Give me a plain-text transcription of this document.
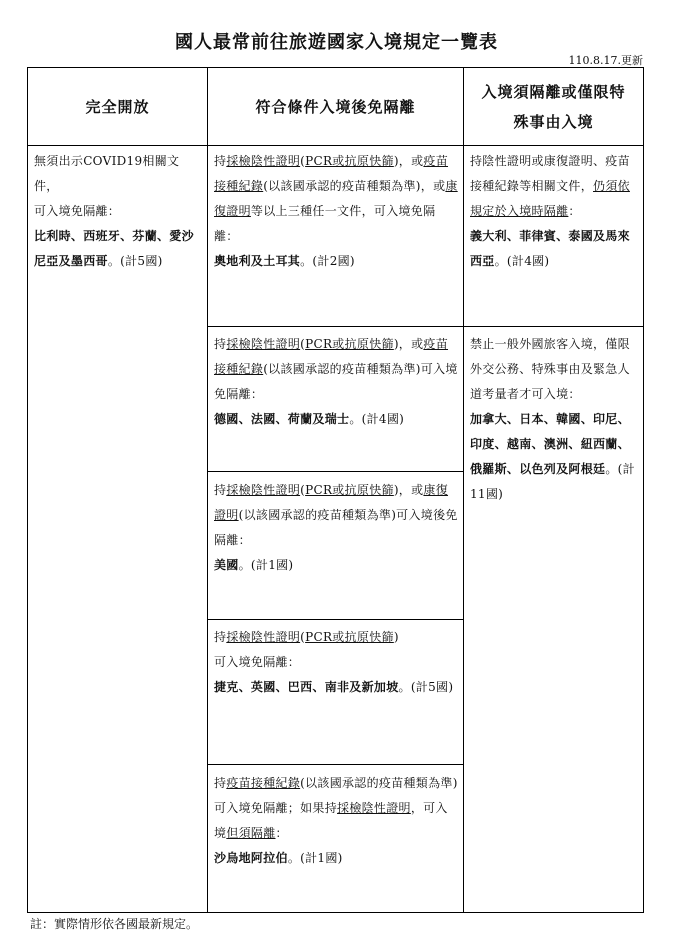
國人最常前往旅遊國家入境規定一覽表
110.8.17.更新
完全開放	符合條件入境後免隔離
入境須隔離或僅限特
殊事由入境

無須出示COVID19相關文件，

可入境免隔離：

比利時、西班牙、芬蘭、愛沙尼亞及墨西哥。(計5國)

持採檢陰性證明(PCR或抗原快篩)，或疫苗接種紀錄(以該國承認的疫苗種類為準)，或康復證明等以上三種任一文件，可入境免隔離：

奧地利及土耳其。(計2國)

持採檢陰性證明(PCR或抗原快篩)，或疫苗接種紀錄(以該國承認的疫苗種類為準)可入境免隔離：

德國、法國、荷蘭及瑞士。(計4國)

持採檢陰性證明(PCR或抗原快篩)，或康復證明(以該國承認的疫苗種類為準)可入境後免隔離：

美國。(計1國)

持採檢陰性證明(PCR或抗原快篩)

可入境免隔離：

捷克、英國、巴西、南非及新加坡。(計5國)

持疫苗接種紀錄(以該國承認的疫苗種類為準)可入境免隔離；如果持採檢陰性證明，可入境但須隔離：

沙烏地阿拉伯。(計1國)

持陰性證明或康復證明、疫苗接種紀錄等相關文件，仍須依規定於入境時隔離：

義大利、菲律賓、泰國及馬來西亞。(計4國)

禁止一般外國旅客入境，僅限外交公務、特殊事由及緊急人道考量者才可入境：

加拿大、日本、韓國、印尼、印度、越南、澳洲、紐西蘭、俄羅斯、以色列及阿根廷。(計11國)

註：實際情形依各國最新規定。
